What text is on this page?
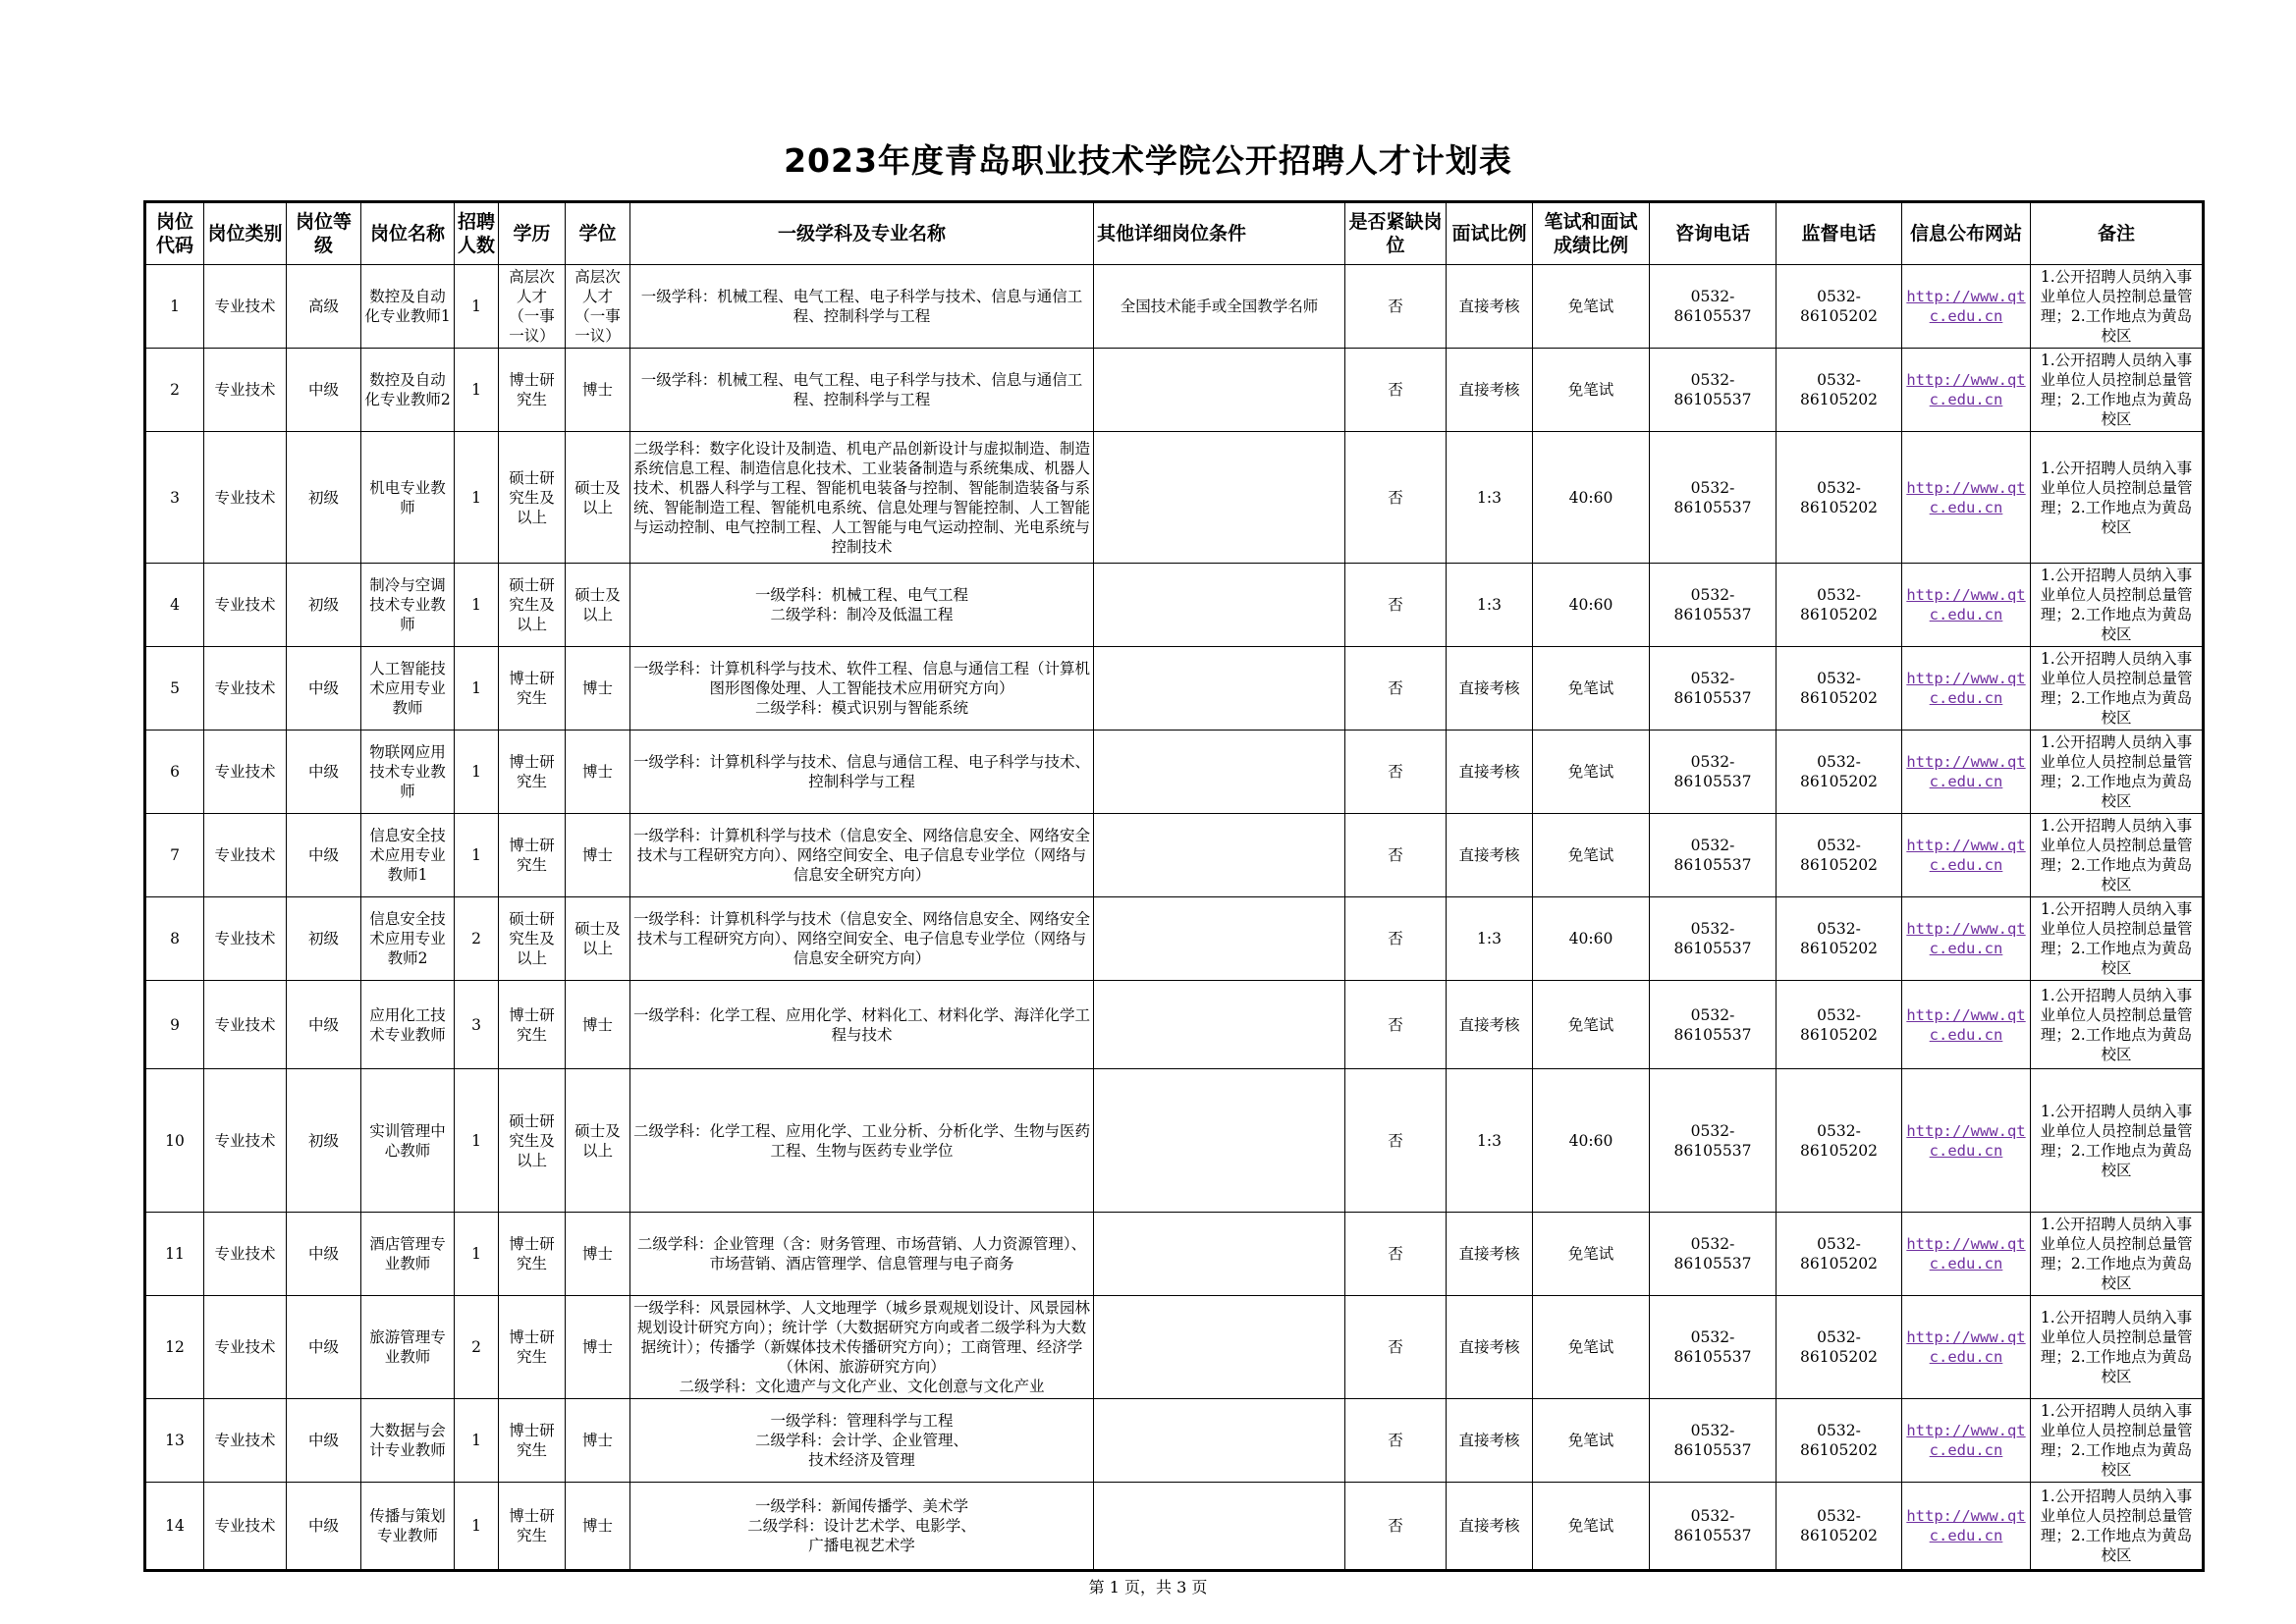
2023年度青岛职业技术学院公开招聘人才计划表
岗位代码	岗位类别	岗位等级	岗位名称	招聘人数	学历	学位	一级学科及专业名称	其他详细岗位条件	是否紧缺岗位	面试比例	笔试和面试成绩比例	咨询电话	监督电话	信息公布网站	备注
1	专业技术	高级	数控及自动化专业教师1	1	高层次人才（一事一议）	高层次人才（一事一议）	一级学科：机械工程、电气工程、电子科学与技术、信息与通信工程、控制科学与工程	全国技术能手或全国教学名师	否	直接考核	免笔试	0532-86105537	0532-86105202	http://www.qtc.edu.cn	1.公开招聘人员纳入事业单位人员控制总量管理；2.工作地点为黄岛校区
2	专业技术	中级	数控及自动化专业教师2	1	博士研究生	博士	一级学科：机械工程、电气工程、电子科学与技术、信息与通信工程、控制科学与工程		否	直接考核	免笔试	0532-86105537	0532-86105202	http://www.qtc.edu.cn	1.公开招聘人员纳入事业单位人员控制总量管理；2.工作地点为黄岛校区
3	专业技术	初级	机电专业教师	1	硕士研究生及以上	硕士及以上	二级学科：数字化设计及制造、机电产品创新设计与虚拟制造、制造系统信息工程、制造信息化技术、工业装备制造与系统集成、机器人技术、机器人科学与工程、智能机电装备与控制、智能制造装备与系统、智能制造工程、智能机电系统、信息处理与智能控制、人工智能与运动控制、电气控制工程、人工智能与电气运动控制、光电系统与控制技术		否	1:3	40:60	0532-86105537	0532-86105202	http://www.qtc.edu.cn	1.公开招聘人员纳入事业单位人员控制总量管理；2.工作地点为黄岛校区
4	专业技术	初级	制冷与空调技术专业教师	1	硕士研究生及以上	硕士及以上	一级学科：机械工程、电气工程
二级学科：制冷及低温工程		否	1:3	40:60	0532-86105537	0532-86105202	http://www.qtc.edu.cn	1.公开招聘人员纳入事业单位人员控制总量管理；2.工作地点为黄岛校区
5	专业技术	中级	人工智能技术应用专业教师	1	博士研究生	博士	一级学科：计算机科学与技术、软件工程、信息与通信工程（计算机图形图像处理、人工智能技术应用研究方向）
二级学科：模式识别与智能系统		否	直接考核	免笔试	0532-86105537	0532-86105202	http://www.qtc.edu.cn	1.公开招聘人员纳入事业单位人员控制总量管理；2.工作地点为黄岛校区
6	专业技术	中级	物联网应用技术专业教师	1	博士研究生	博士	一级学科：计算机科学与技术、信息与通信工程、电子科学与技术、控制科学与工程		否	直接考核	免笔试	0532-86105537	0532-86105202	http://www.qtc.edu.cn	1.公开招聘人员纳入事业单位人员控制总量管理；2.工作地点为黄岛校区
7	专业技术	中级	信息安全技术应用专业教师1	1	博士研究生	博士	一级学科：计算机科学与技术（信息安全、网络信息安全、网络安全技术与工程研究方向）、网络空间安全、电子信息专业学位（网络与信息安全研究方向）		否	直接考核	免笔试	0532-86105537	0532-86105202	http://www.qtc.edu.cn	1.公开招聘人员纳入事业单位人员控制总量管理；2.工作地点为黄岛校区
8	专业技术	初级	信息安全技术应用专业教师2	2	硕士研究生及以上	硕士及以上	一级学科：计算机科学与技术（信息安全、网络信息安全、网络安全技术与工程研究方向）、网络空间安全、电子信息专业学位（网络与信息安全研究方向）		否	1:3	40:60	0532-86105537	0532-86105202	http://www.qtc.edu.cn	1.公开招聘人员纳入事业单位人员控制总量管理；2.工作地点为黄岛校区
9	专业技术	中级	应用化工技术专业教师	3	博士研究生	博士	一级学科：化学工程、应用化学、材料化工、材料化学、海洋化学工程与技术		否	直接考核	免笔试	0532-86105537	0532-86105202	http://www.qtc.edu.cn	1.公开招聘人员纳入事业单位人员控制总量管理；2.工作地点为黄岛校区
10	专业技术	初级	实训管理中心教师	1	硕士研究生及以上	硕士及以上	二级学科：化学工程、应用化学、工业分析、分析化学、生物与医药工程、生物与医药专业学位		否	1:3	40:60	0532-86105537	0532-86105202	http://www.qtc.edu.cn	1.公开招聘人员纳入事业单位人员控制总量管理；2.工作地点为黄岛校区
11	专业技术	中级	酒店管理专业教师	1	博士研究生	博士	二级学科：企业管理（含：财务管理、市场营销、人力资源管理）、市场营销、酒店管理学、信息管理与电子商务		否	直接考核	免笔试	0532-86105537	0532-86105202	http://www.qtc.edu.cn	1.公开招聘人员纳入事业单位人员控制总量管理；2.工作地点为黄岛校区
12	专业技术	中级	旅游管理专业教师	2	博士研究生	博士	一级学科：风景园林学、人文地理学（城乡景观规划设计、风景园林规划设计研究方向）；统计学（大数据研究方向或者二级学科为大数据统计）；传播学（新媒体技术传播研究方向）；工商管理、经济学（休闲、旅游研究方向）
二级学科：文化遗产与文化产业、文化创意与文化产业		否	直接考核	免笔试	0532-86105537	0532-86105202	http://www.qtc.edu.cn	1.公开招聘人员纳入事业单位人员控制总量管理；2.工作地点为黄岛校区
13	专业技术	中级	大数据与会计专业教师	1	博士研究生	博士	一级学科：管理科学与工程
二级学科：会计学、企业管理、
技术经济及管理		否	直接考核	免笔试	0532-86105537	0532-86105202	http://www.qtc.edu.cn	1.公开招聘人员纳入事业单位人员控制总量管理；2.工作地点为黄岛校区
14	专业技术	中级	传播与策划专业教师	1	博士研究生	博士	一级学科：新闻传播学、美术学
二级学科：设计艺术学、电影学、
广播电视艺术学		否	直接考核	免笔试	0532-86105537	0532-86105202	http://www.qtc.edu.cn	1.公开招聘人员纳入事业单位人员控制总量管理；2.工作地点为黄岛校区
第 1 页，共 3 页
